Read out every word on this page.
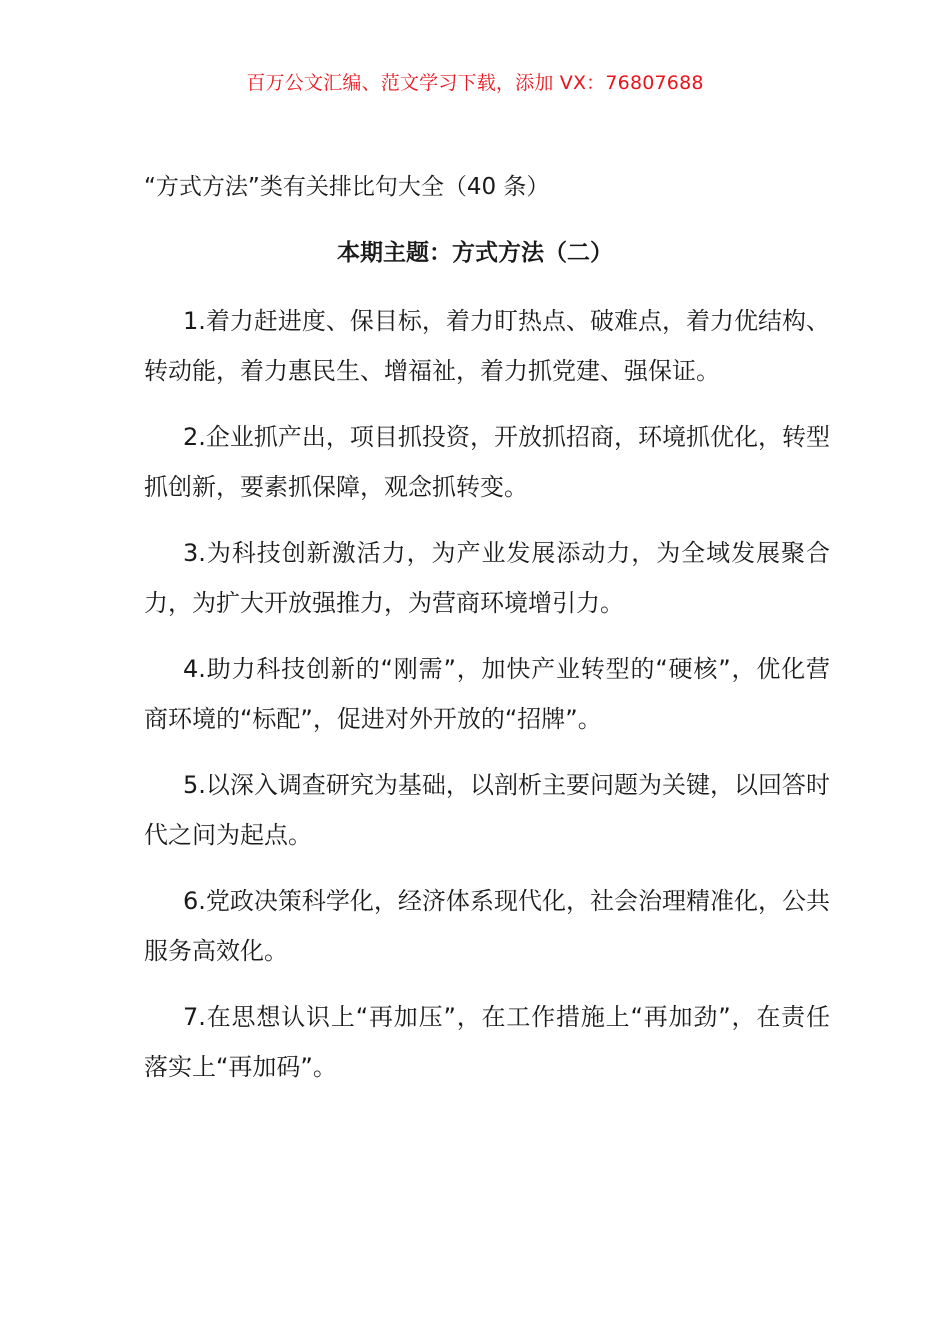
百万公文汇编、范文学习下载，添加 VX：76807688
“方式方法”类有关排比句大全（40 条）
本期主题：方式方法（二）

1.着力赶进度、保目标，着力盯热点、破难点，着力优结构、转动能，着力惠民生、增福祉，着力抓党建、强保证。

2.企业抓产出，项目抓投资，开放抓招商，环境抓优化，转型抓创新，要素抓保障，观念抓转变。

3.为科技创新激活力，为产业发展添动力，为全域发展聚合力，为扩大开放强推力，为营商环境增引力。

4.助力科技创新的“刚需”，加快产业转型的“硬核”，优化营商环境的“标配”，促进对外开放的“招牌”。

5.以深入调查研究为基础，以剖析主要问题为关键，以回答时代之问为起点。

6.党政决策科学化，经济体系现代化，社会治理精准化，公共服务高效化。

7.在思想认识上“再加压”，在工作措施上“再加劲”，在责任落实上“再加码”。
